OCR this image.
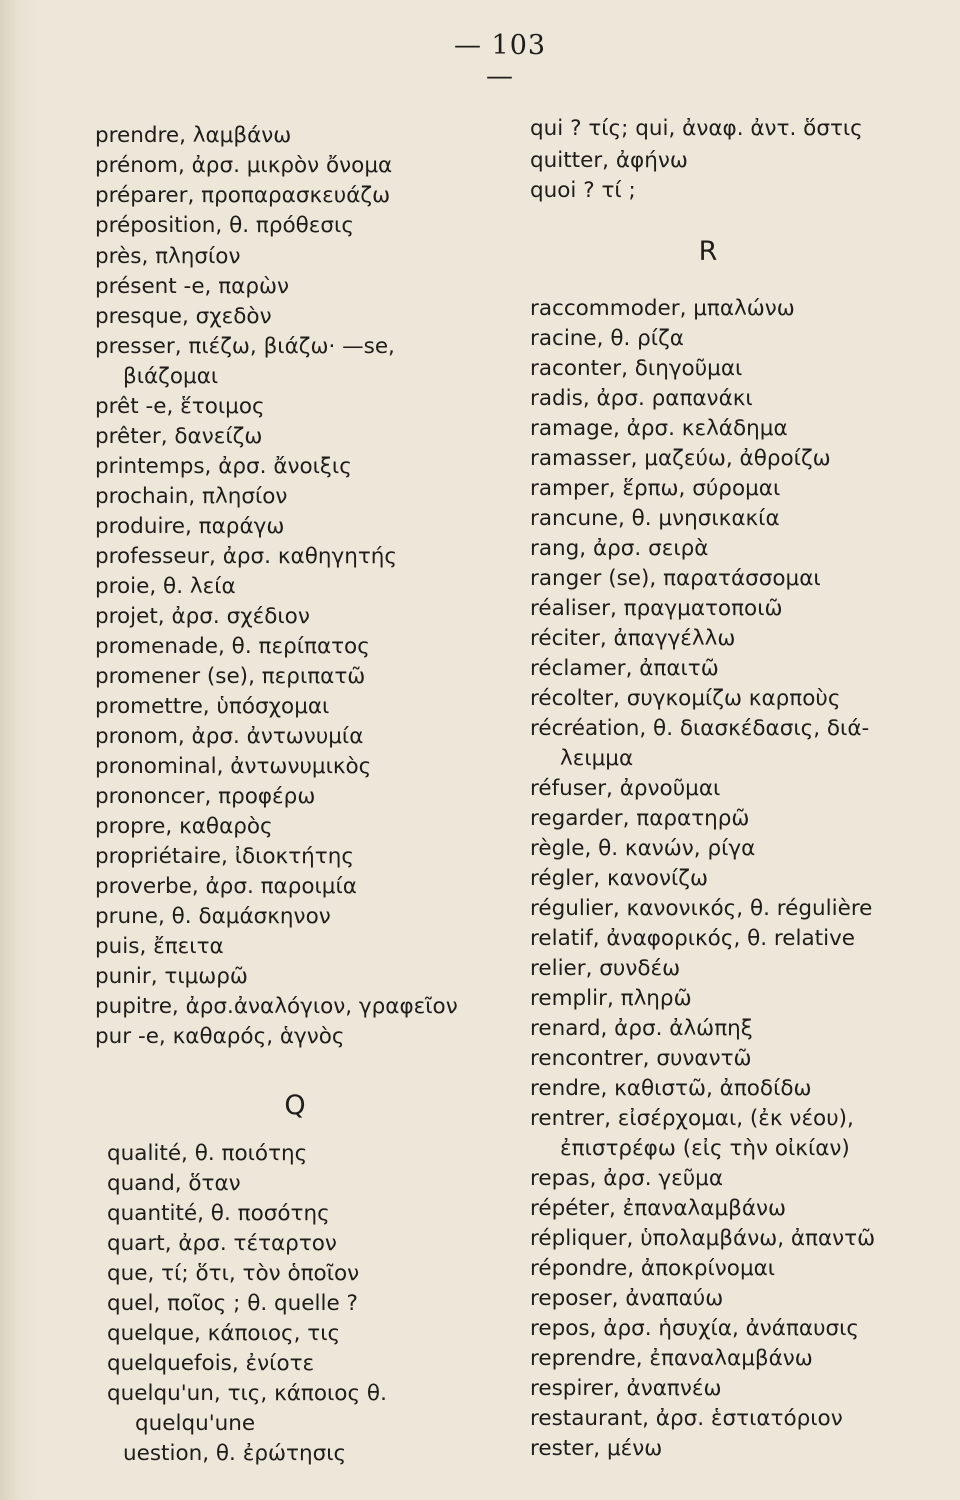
— 103 —
prendre, λαμβάνω
prénom, ἀρσ. μικρὸν ὄνομα
préparer, προπαρασκευάζω
préposition, θ. πρόθεσις
près, πλησίον
présent -e, παρὼν
presque, σχεδὸν
presser, πιέζω, βιάζω· —se,
βιάζομαι
prêt -e, ἕτοιμος
prêter, δανείζω
printemps, ἀρσ. ἄνοιξις
prochain, πλησίον
produire, παράγω
professeur, ἀρσ. καθηγητής
proie, θ. λεία
projet, ἀρσ. σχέδιον
promenade, θ. περίπατος
promener (se), περιπατῶ
promettre, ὑπόσχομαι
pronom, ἀρσ. ἀντωνυμία
pronominal, ἀντωνυμικὸς
prononcer, προφέρω
propre, καθαρὸς
propriétaire, ἰδιοκτήτης
proverbe, ἀρσ. παροιμία
prune, θ. δαμάσκηνον
puis, ἔπειτα
punir, τιμωρῶ
pupitre, ἀρσ.ἀναλόγιον, γραφεῖον
pur -e, καθαρός, ἁγνὸς
Q
qualité, θ. ποιότης
quand, ὅταν
quantité, θ. ποσότης
quart, ἀρσ. τέταρτον
que, τί; ὅτι, τὸν ὁποῖον
quel, ποῖος ; θ. quelle ?
quelque, κάποιος, τις
quelquefois, ἐνίοτε
quelqu'un, τις, κάποιος θ.
quelqu'une
uestion, θ. ἐρώτησις
qui ? τίς; qui, ἀναφ. ἀντ. ὅστις
quitter, ἀφήνω
quoi ? τί ;
R
raccommoder, μπαλώνω
racine, θ. ρίζα
raconter, διηγοῦμαι
radis, ἀρσ. ραπανάκι
ramage, ἀρσ. κελάδημα
ramasser, μαζεύω, ἀθροίζω
ramper, ἕρπω, σύρομαι
rancune, θ. μνησικακία
rang, ἀρσ. σειρὰ
ranger (se), παρατάσσομαι
réaliser, πραγματοποιῶ
réciter, ἀπαγγέλλω
réclamer, ἀπαιτῶ
récolter, συγκομίζω καρποὺς
récréation, θ. διασκέδασις, διά-
λειμμα
réfuser, ἀρνοῦμαι
regarder, παρατηρῶ
règle, θ. κανών, ρίγα
régler, κανονίζω
régulier, κανονικός, θ. régulière
relatif, ἀναφορικός, θ. relative
relier, συνδέω
remplir, πληρῶ
renard, ἀρσ. ἀλώπηξ
rencontrer, συναντῶ
rendre, καθιστῶ, ἀποδίδω
rentrer, εἰσέρχομαι, (ἐκ νέου),
ἐπιστρέφω (εἰς τὴν οἰκίαν)
repas, ἀρσ. γεῦμα
répéter, ἐπαναλαμβάνω
répliquer, ὑπολαμβάνω, ἀπαντῶ
répondre, ἀποκρίνομαι
reposer, ἀναπαύω
repos, ἀρσ. ἡσυχία, ἀνάπαυσις
reprendre, ἐπαναλαμβάνω
respirer, ἀναπνέω
restaurant, ἀρσ. ἑστιατόριον
rester, μένω
